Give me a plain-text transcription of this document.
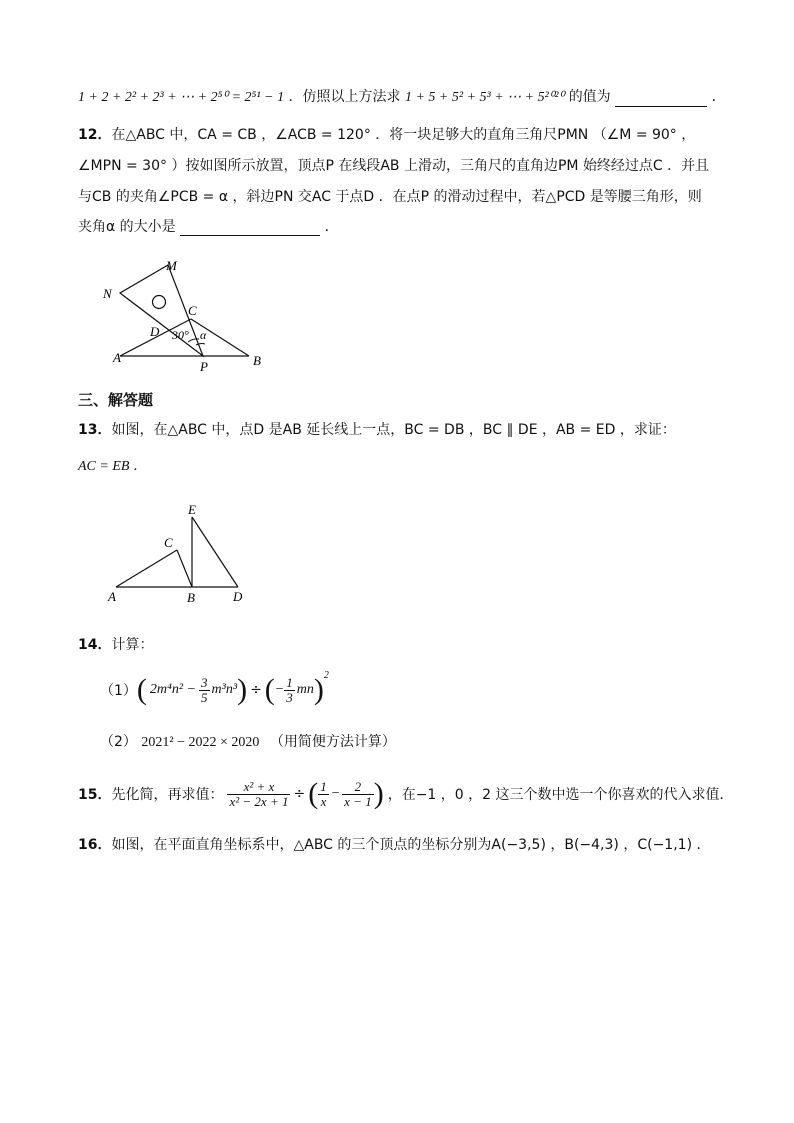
1 + 2 + 2² + 2³ + ⋯ + 2⁵⁰ = 2⁵¹ − 1 ．仿照以上方法求 1 + 5 + 5² + 5³ + ⋯ + 5²⁰²⁰ 的值为	．
12．在△ABC 中，CA = CB ，∠ACB = 120° ．将一块足够大的直角三角尺PMN （∠M = 90° ，
∠MPN = 30° ）按如图所示放置，顶点P 在线段AB 上滑动，三角尺的直角边PM 始终经过点C ．并且
与CB 的夹角∠PCB = α ，斜边PN 交AC 于点D ．在点P 的滑动过程中，若△PCD 是等腰三角形，则
夹角α 的大小是	．
M
N
C
D 30° α
A
P	B
三、解答题
13．如图，在△ABC 中，点D 是AB 延长线上一点，BC = DB ，BC ∥ DE ，AB = ED ，求证：
AC = EB ．
E
C
A	B	D
14．计算：
（1） ( $2m^4n^2 - \frac{3}{5} m^3n^3$ ) ÷ ( − $\frac{1}{3}$ mn ) 2
（2） 2021² − 2022 × 2020 （用简便方法计算）
15． 先化简，再求值： $\frac{\text{x² + x}}{\text{x² − 2x + 1}}$ ÷ ( $\frac{1}{x} - \frac{2}{x - 1}$ ) ，在−1 ，0 ，2 这三个数中选一个你喜欢的代入求值．
16．如图，在平面直角坐标系中，△ABC 的三个顶点的坐标分别为A(−3,5) ，B(−4,3) ，C(−1,1) ．
